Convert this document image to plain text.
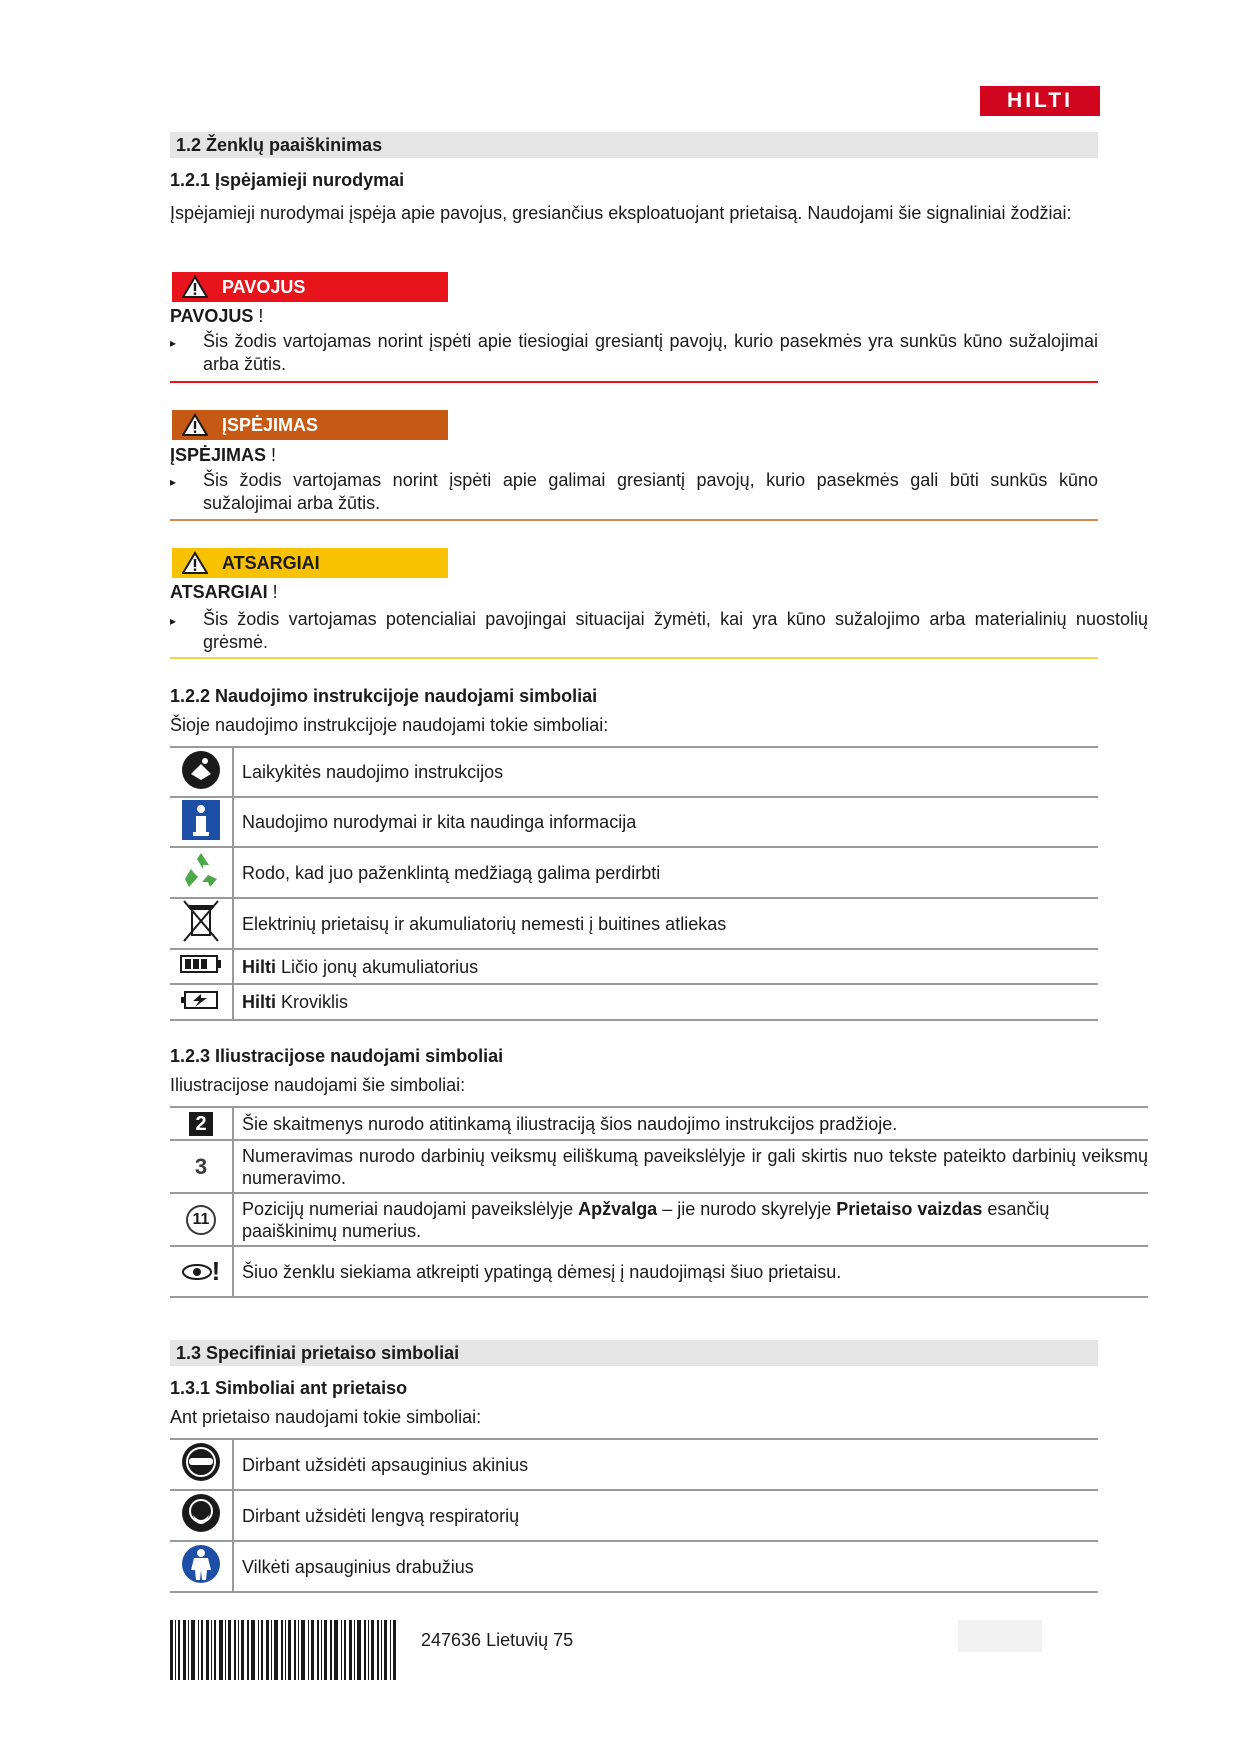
HILTI
1.2 Ženklų paaiškinimas
1.2.1 Įspėjamieji nurodymai
Įspėjamieji nurodymai įspėja apie pavojus, gresiančius eksploatuojant prietaisą. Naudojami šie signaliniai žodžiai:
PAVOJUS
PAVOJUS !
▸ Šis žodis vartojamas norint įspėti apie tiesiogiai gresiantį pavojų, kurio pasekmės yra sunkūs kūno sužalojimai arba žūtis.
ĮSPĖJIMAS
ĮSPĖJIMAS !
▸ Šis žodis vartojamas norint įspėti apie galimai gresiantį pavojų, kurio pasekmės gali būti sunkūs kūno sužalojimai arba žūtis.
ATSARGIAI
ATSARGIAI !
▸ Šis žodis vartojamas potencialiai pavojingai situacijai žymėti, kai yra kūno sužalojimo arba materialinių nuostolių grėsmė.
1.2.2 Naudojimo instrukcijoje naudojami simboliai
Šioje naudojimo instrukcijoje naudojami tokie simboliai:
	Laikykitės naudojimo instrukcijos
	Naudojimo nurodymai ir kita naudinga informacija
	Rodo, kad juo paženklintą medžiagą galima perdirbti
	Elektrinių prietaisų ir akumuliatorių nemesti į buitines atliekas
	Hilti Ličio jonų akumuliatorius
	Hilti Kroviklis
1.2.3 Iliustracijose naudojami simboliai
Iliustracijose naudojami šie simboliai:
2	Šie skaitmenys nurodo atitinkamą iliustraciją šios naudojimo instrukcijos pradžioje.
3	Numeravimas nurodo darbinių veiksmų eiliškumą paveikslėlyje ir gali skirtis nuo tekste pateikto darbinių veiksmų numeravimo.
11	Pozicijų numeriai naudojami paveikslėlyje Apžvalga – jie nurodo skyrelyje Prietaiso vaizdas esančių paaiškinimų numerius.
!	Šiuo ženklu siekiama atkreipti ypatingą dėmesį į naudojimąsi šiuo prietaisu.
1.3 Specifiniai prietaiso simboliai
1.3.1 Simboliai ant prietaiso
Ant prietaiso naudojami tokie simboliai:
	Dirbant užsidėti apsauginius akinius
	Dirbant užsidėti lengvą respiratorių
	Vilkėti apsauginius drabužius
247636 Lietuvių 75
